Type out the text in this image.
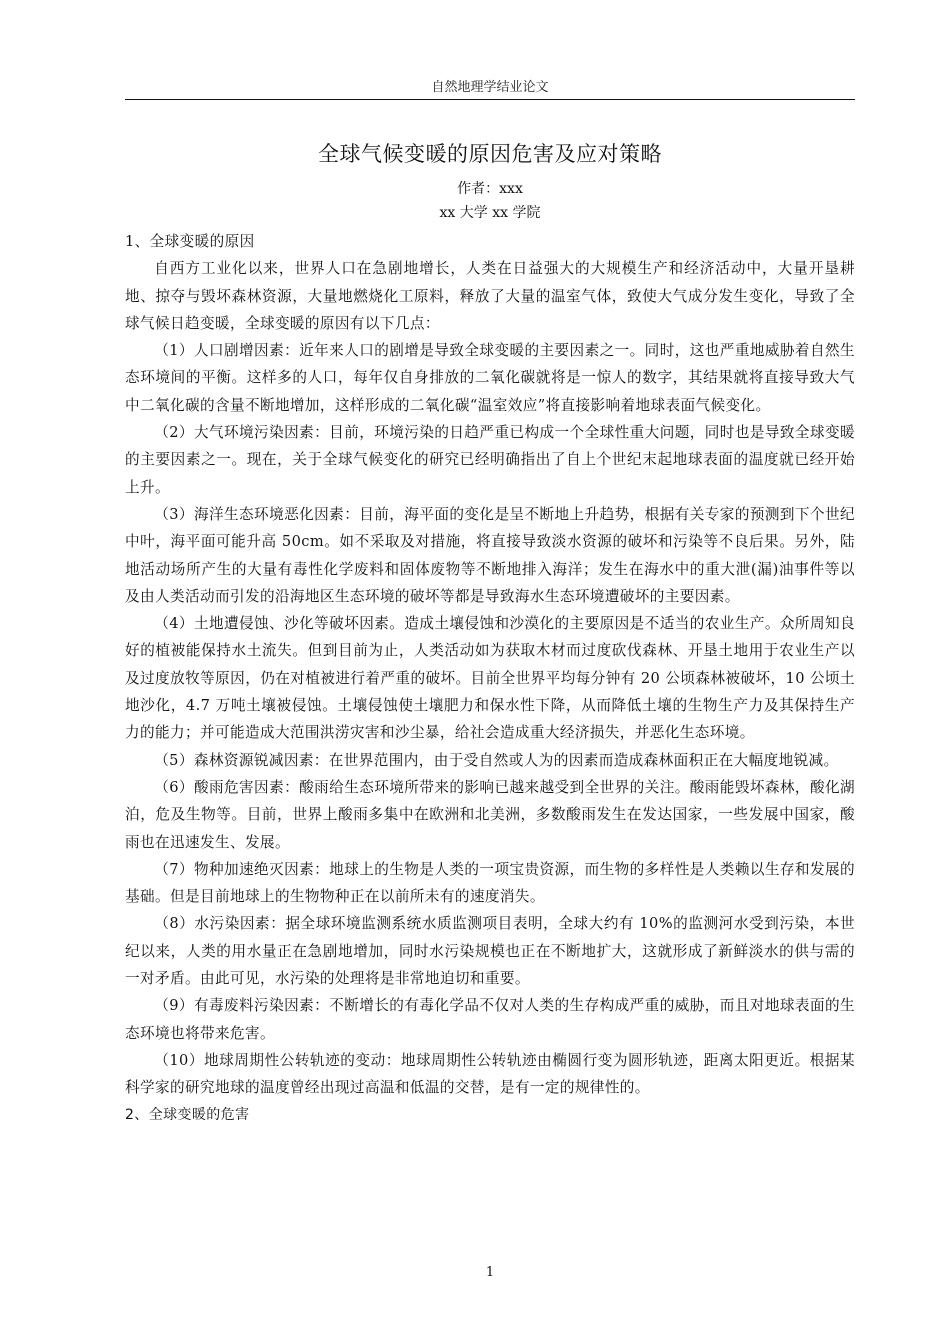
自然地理学结业论文
全球气候变暖的原因危害及应对策略
作者：xxx
xx 大学 xx 学院

1、全球变暖的原因

自西方工业化以来，世界人口在急剧地增长，人类在日益强大的大规模生产和经济活动中，大量开垦耕地、掠夺与毁坏森林资源，大量地燃烧化工原料，释放了大量的温室气体，致使大气成分发生变化，导致了全球气候日趋变暖，全球变暖的原因有以下几点：

（1）人口剧增因素：近年来人口的剧增是导致全球变暖的主要因素之一。同时，这也严重地威胁着自然生态环境间的平衡。这样多的人口，每年仅自身排放的二氧化碳就将是一惊人的数字，其结果就将直接导致大气中二氧化碳的含量不断地增加，这样形成的二氧化碳“温室效应”将直接影响着地球表面气候变化。

（2）大气环境污染因素：目前，环境污染的日趋严重已构成一个全球性重大问题，同时也是导致全球变暖的主要因素之一。现在，关于全球气候变化的研究已经明确指出了自上个世纪末起地球表面的温度就已经开始上升。

（3）海洋生态环境恶化因素：目前，海平面的变化是呈不断地上升趋势，根据有关专家的预测到下个世纪中叶，海平面可能升高 50cm。如不采取及对措施，将直接导致淡水资源的破坏和污染等不良后果。另外，陆地活动场所产生的大量有毒性化学废料和固体废物等不断地排入海洋；发生在海水中的重大泄(漏)油事件等以及由人类活动而引发的沿海地区生态环境的破坏等都是导致海水生态环境遭破坏的主要因素。

（4）土地遭侵蚀、沙化等破坏因素。造成土壤侵蚀和沙漠化的主要原因是不适当的农业生产。众所周知良好的植被能保持水土流失。但到目前为止，人类活动如为获取木材而过度砍伐森林、开垦土地用于农业生产以及过度放牧等原因，仍在对植被进行着严重的破坏。目前全世界平均每分钟有 20 公顷森林被破坏，10 公顷土地沙化，4.7 万吨土壤被侵蚀。土壤侵蚀使土壤肥力和保水性下降，从而降低土壤的生物生产力及其保持生产力的能力；并可能造成大范围洪涝灾害和沙尘暴，给社会造成重大经济损失，并恶化生态环境。

（5）森林资源锐减因素：在世界范围内，由于受自然或人为的因素而造成森林面积正在大幅度地锐减。

（6）酸雨危害因素：酸雨给生态环境所带来的影响已越来越受到全世界的关注。酸雨能毁坏森林，酸化湖泊，危及生物等。目前，世界上酸雨多集中在欧洲和北美洲，多数酸雨发生在发达国家，一些发展中国家，酸雨也在迅速发生、发展。

（7）物种加速绝灭因素：地球上的生物是人类的一项宝贵资源，而生物的多样性是人类赖以生存和发展的基础。但是目前地球上的生物物种正在以前所未有的速度消失。

（8）水污染因素：据全球环境监测系统水质监测项目表明，全球大约有 10%的监测河水受到污染，本世纪以来，人类的用水量正在急剧地增加，同时水污染规模也正在不断地扩大，这就形成了新鲜淡水的供与需的一对矛盾。由此可见，水污染的处理将是非常地迫切和重要。

（9）有毒废料污染因素：不断增长的有毒化学品不仅对人类的生存构成严重的威胁，而且对地球表面的生态环境也将带来危害。

（10）地球周期性公转轨迹的变动：地球周期性公转轨迹由椭圆行变为圆形轨迹，距离太阳更近。根据某科学家的研究地球的温度曾经出现过高温和低温的交替，是有一定的规律性的。

2、全球变暖的危害

1
